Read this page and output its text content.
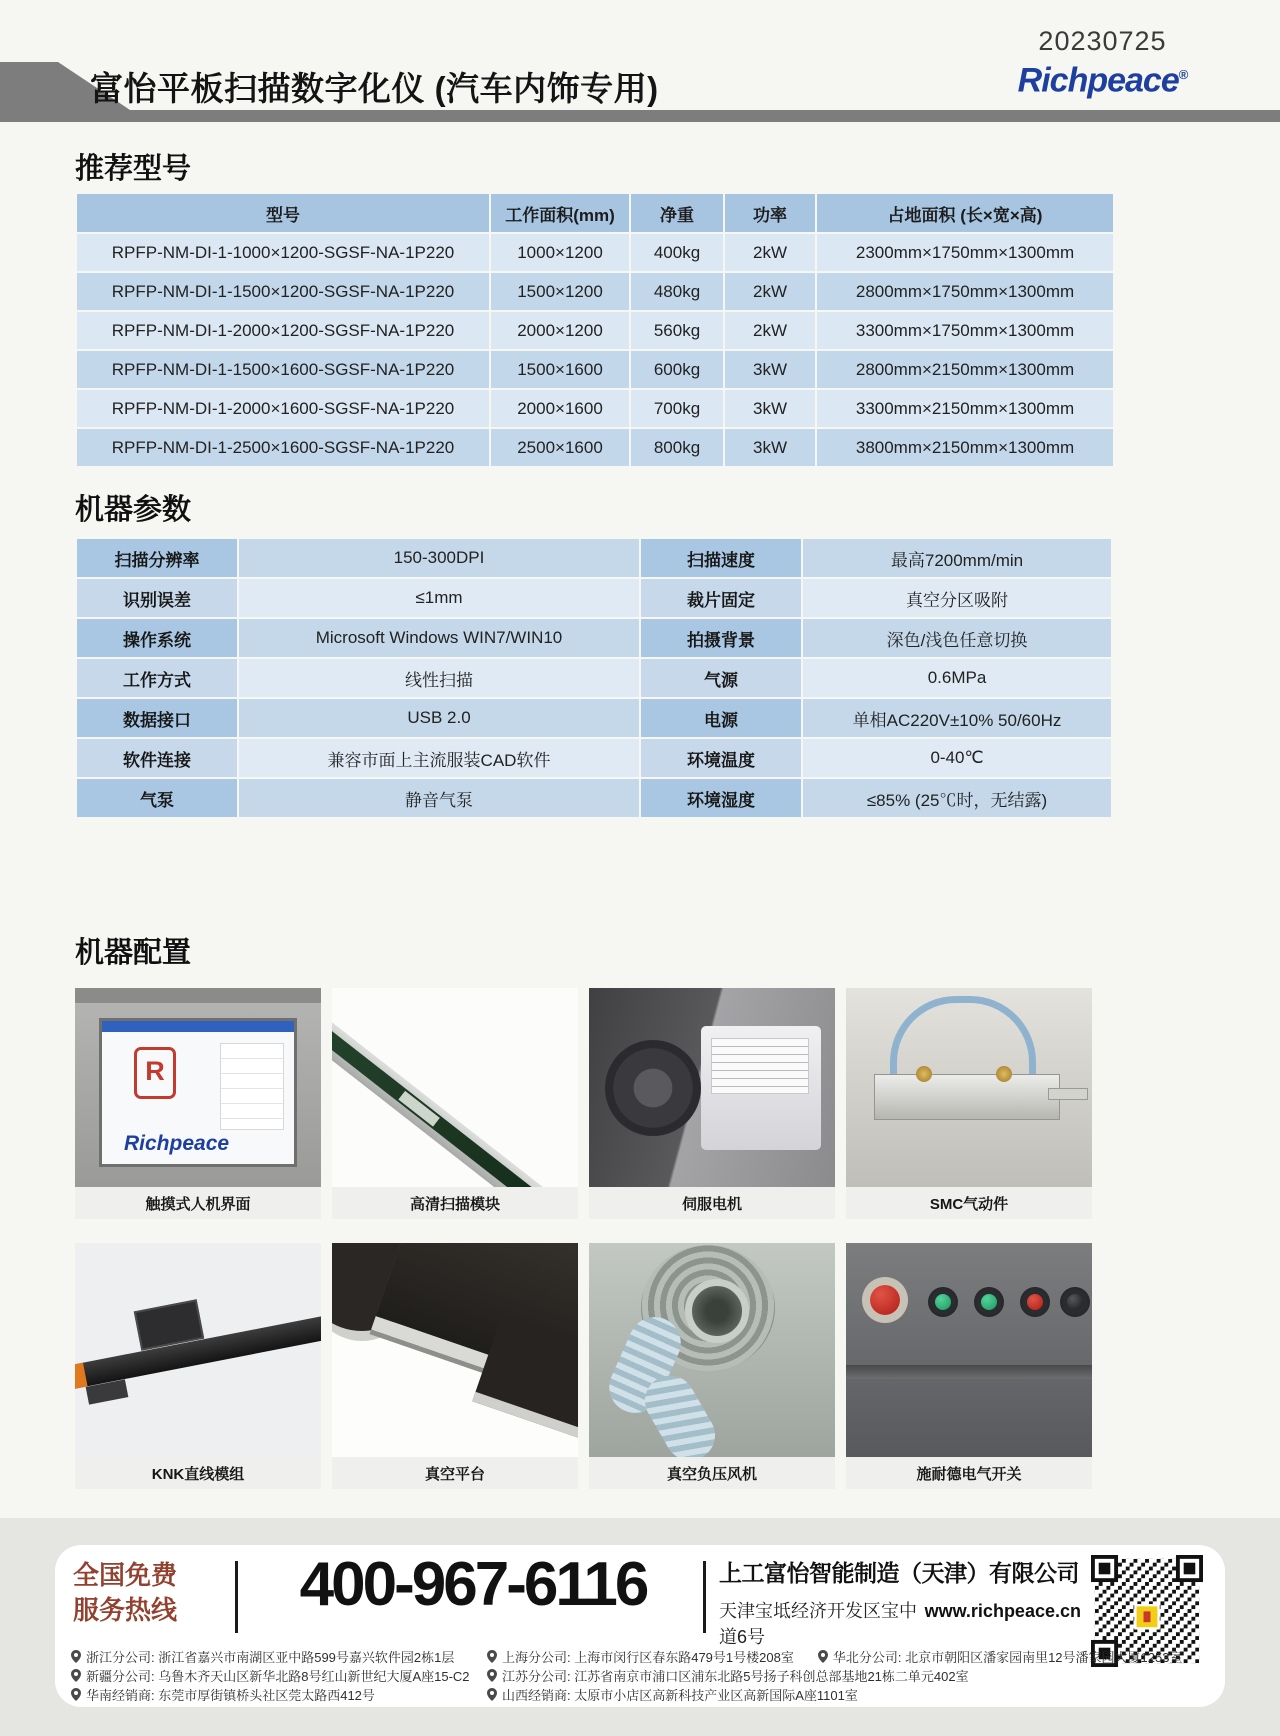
富怡平板扫描数字化仪 (汽车内饰专用)
20230725
Richpeace®
推荐型号
型号	工作面积(mm)	净重	功率	占地面积 (长×宽×高)
RPFP-NM-DI-1-1000×1200-SGSF-NA-1P220	1000×1200	400kg	2kW	2300mm×1750mm×1300mm
RPFP-NM-DI-1-1500×1200-SGSF-NA-1P220	1500×1200	480kg	2kW	2800mm×1750mm×1300mm
RPFP-NM-DI-1-2000×1200-SGSF-NA-1P220	2000×1200	560kg	2kW	3300mm×1750mm×1300mm
RPFP-NM-DI-1-1500×1600-SGSF-NA-1P220	1500×1600	600kg	3kW	2800mm×2150mm×1300mm
RPFP-NM-DI-1-2000×1600-SGSF-NA-1P220	2000×1600	700kg	3kW	3300mm×2150mm×1300mm
RPFP-NM-DI-1-2500×1600-SGSF-NA-1P220	2500×1600	800kg	3kW	3800mm×2150mm×1300mm
机器参数
扫描分辨率	150-300DPI	扫描速度	最高7200mm/min
识别误差	≤1mm	裁片固定	真空分区吸附
操作系统	Microsoft Windows WIN7/WIN10	拍摄背景	深色/浅色任意切换
工作方式	线性扫描	气源	0.6MPa
数据接口	USB 2.0	电源	单相AC220V±10% 50/60Hz
软件连接	兼容市面上主流服装CAD软件	环境温度	0-40℃
气泵	静音气泵	环境湿度	≤85% (25℃时，无结露)
机器配置
R
Richpeace
触摸式人机界面	高清扫描模块	伺服电机	SMC气动件
KNK直线模组	真空平台	真空负压风机	施耐德电气开关
全国免费
服务热线	400-967-6116	上工富怡智能制造（天津）有限公司
天津宝坻经济开发区宝中道6号
www.richpeace.cn
浙江分公司: 浙江省嘉兴市南湖区亚中路599号嘉兴软件园2栋1层
新疆分公司: 乌鲁木齐天山区新华北路8号红山新世纪大厦A座15-C2
华南经销商: 东莞市厚街镇桥头社区莞太路西412号
上海分公司: 上海市闵行区春东路479号1号楼208室	华北分公司: 北京市朝阳区潘家园南里12号潘家园大厦1253室
江苏分公司: 江苏省南京市浦口区浦东北路5号扬子科创总部基地21栋二单元402室
山西经销商: 太原市小店区高新科技产业区高新国际A座1101室
